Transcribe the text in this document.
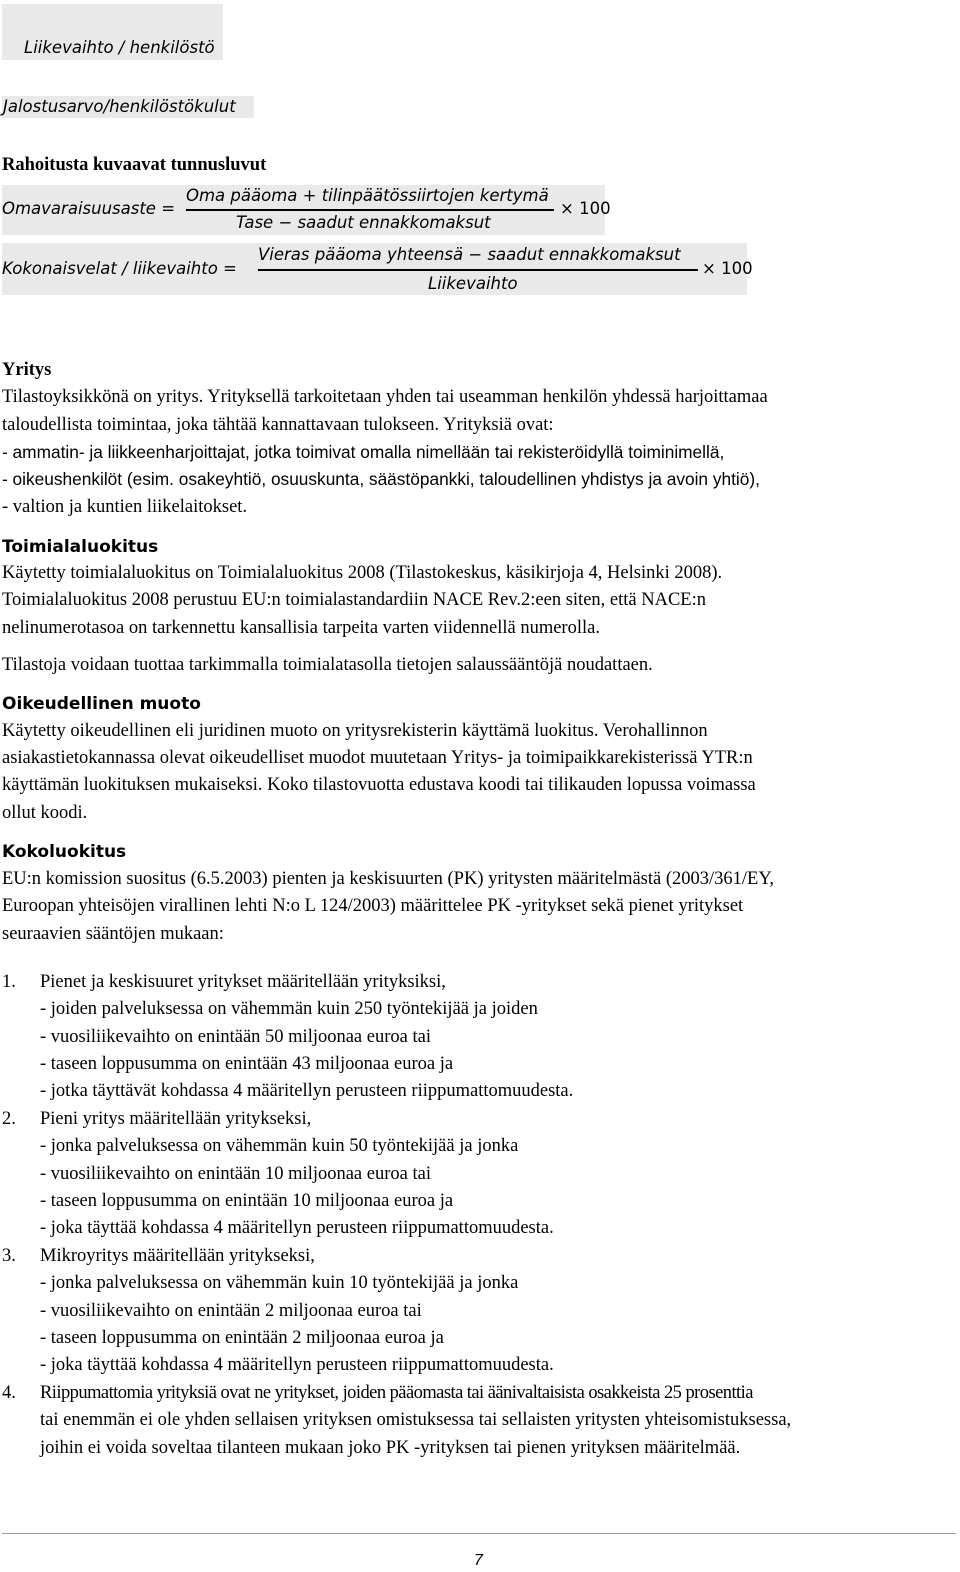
Liikevaihto / henkilöstö
Jalostusarvo/henkilöstökulut
Rahoitusta kuvaavat tunnusluvut
Omavaraisuusaste =
Oma pääoma + tilinpäätössiirtojen kertymä
Tase − saadut ennakkomaksut
× 100
Kokonaisvelat / liikevaihto =
Vieras pääoma yhteensä − saadut ennakkomaksut
Liikevaihto
× 100
Yritys
Tilastoyksikkönä on yritys. Yrityksellä tarkoitetaan yhden tai useamman henkilön yhdessä harjoittamaa
taloudellista toimintaa, joka tähtää kannattavaan tulokseen. Yrityksiä ovat:
- ammatin- ja liikkeenharjoittajat, jotka toimivat omalla nimellään tai rekisteröidyllä toiminimellä,
- oikeushenkilöt (esim. osakeyhtiö, osuuskunta, säästöpankki, taloudellinen yhdistys ja avoin yhtiö),
- valtion ja kuntien liikelaitokset.
Toimialaluokitus
Käytetty toimialaluokitus on Toimialaluokitus 2008 (Tilastokeskus, käsikirjoja 4, Helsinki 2008).
Toimialaluokitus 2008 perustuu EU:n toimialastandardiin NACE Rev.2:een siten, että NACE:n
nelinumerotasoa on tarkennettu kansallisia tarpeita varten viidennellä numerolla.
Tilastoja voidaan tuottaa tarkimmalla toimialatasolla tietojen salaussääntöjä noudattaen.
Oikeudellinen muoto
Käytetty oikeudellinen eli juridinen muoto on yritysrekisterin käyttämä luokitus. Verohallinnon
asiakastietokannassa olevat oikeudelliset muodot muutetaan Yritys- ja toimipaikkarekisterissä YTR:n
käyttämän luokituksen mukaiseksi. Koko tilastovuotta edustava koodi tai tilikauden lopussa voimassa
ollut koodi.
Kokoluokitus
EU:n komission suositus (6.5.2003) pienten ja keskisuurten (PK) yritysten määritelmästä (2003/361/EY,
Euroopan yhteisöjen virallinen lehti N:o L 124/2003) määrittelee PK -yritykset sekä pienet yritykset
seuraavien sääntöjen mukaan:
1. Pienet ja keskisuuret yritykset määritellään yrityksiksi,
- joiden palveluksessa on vähemmän kuin 250 työntekijää ja joiden
- vuosiliikevaihto on enintään 50 miljoonaa euroa tai
- taseen loppusumma on enintään 43 miljoonaa euroa ja
- jotka täyttävät kohdassa 4 määritellyn perusteen riippumattomuudesta.
2. Pieni yritys määritellään yritykseksi,
- jonka palveluksessa on vähemmän kuin 50 työntekijää ja jonka
- vuosiliikevaihto on enintään 10 miljoonaa euroa tai
- taseen loppusumma on enintään 10 miljoonaa euroa ja
- joka täyttää kohdassa 4 määritellyn perusteen riippumattomuudesta.
3. Mikroyritys määritellään yritykseksi,
- jonka palveluksessa on vähemmän kuin 10 työntekijää ja jonka
- vuosiliikevaihto on enintään 2 miljoonaa euroa tai
- taseen loppusumma on enintään 2 miljoonaa euroa ja
- joka täyttää kohdassa 4 määritellyn perusteen riippumattomuudesta.
4. Riippumattomia yrityksiä ovat ne yritykset, joiden pääomasta tai äänivaltaisista osakkeista 25 prosenttia
tai enemmän ei ole yhden sellaisen yrityksen omistuksessa tai sellaisten yritysten yhteisomistuksessa,
joihin ei voida soveltaa tilanteen mukaan joko PK -yrityksen tai pienen yrityksen määritelmää.
7
